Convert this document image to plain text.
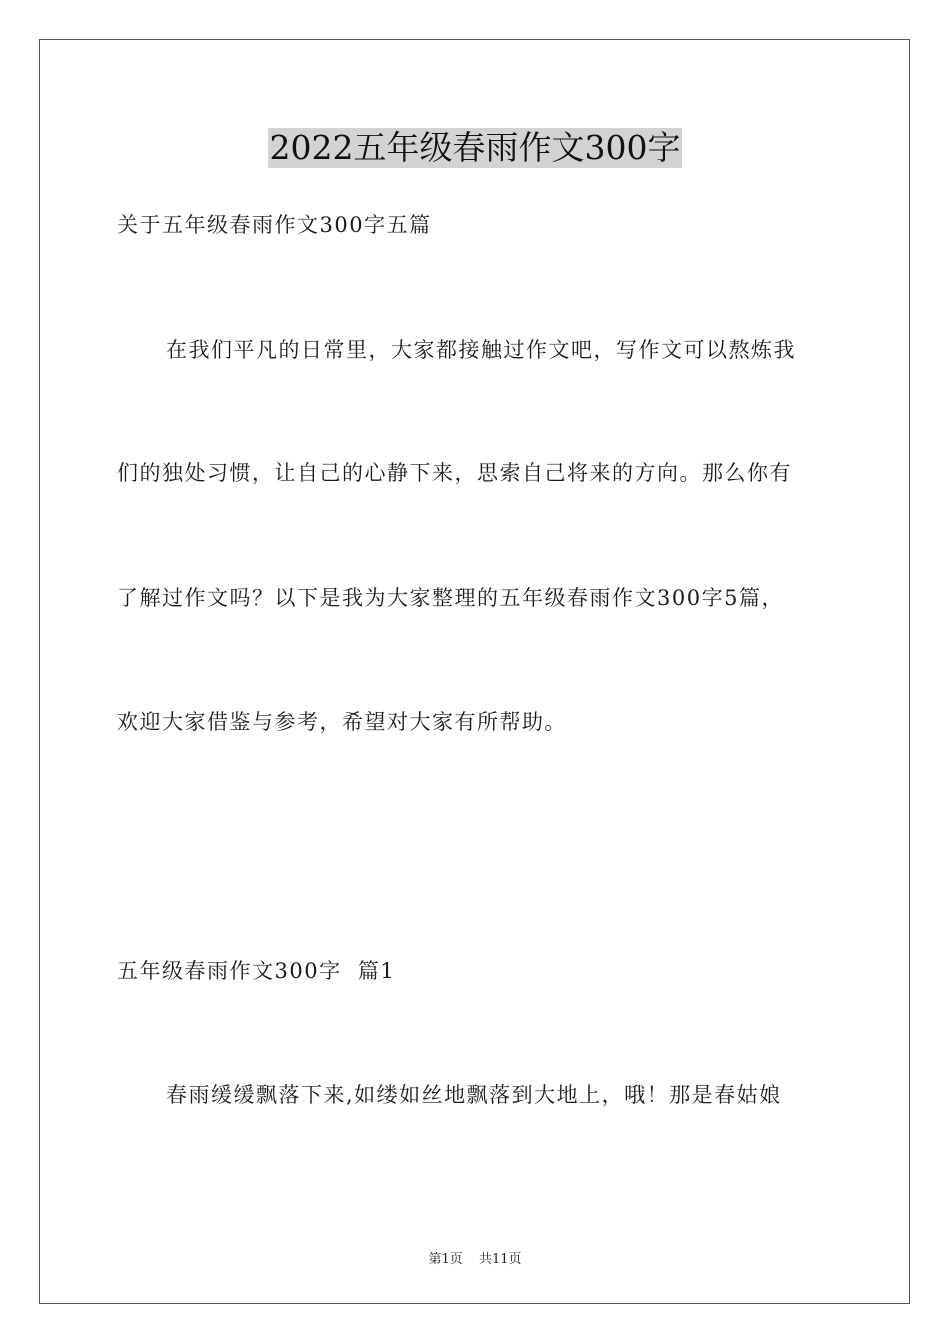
2022五年级春雨作文300字
关于五年级春雨作文300字五篇
在我们平凡的日常里，大家都接触过作文吧，写作文可以熬炼我
们的独处习惯，让自己的心静下来，思索自己将来的方向。那么你有
了解过作文吗？以下是我为大家整理的五年级春雨作文300字5篇，
欢迎大家借鉴与参考，希望对大家有所帮助。
五年级春雨作文300字  篇1
春雨缓缓飘落下来,如缕如丝地飘落到大地上，哦！那是春姑娘
第1页 共11页
